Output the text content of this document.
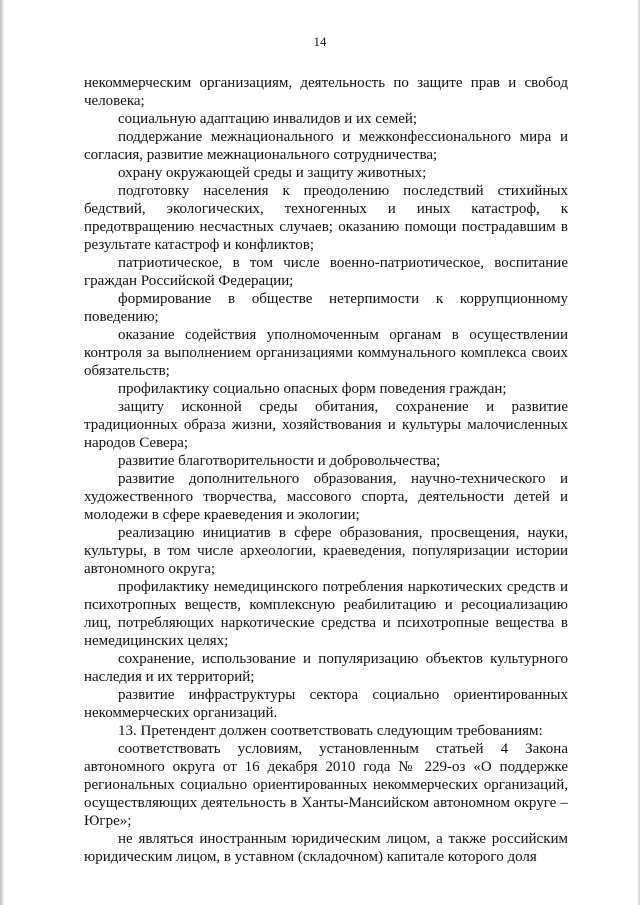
14

некоммерческим организациям, деятельность по защите прав и свобод человека;

социальную адаптацию инвалидов и их семей;

поддержание межнационального и межконфессионального мира и согласия, развитие межнационального сотрудничества;

охрану окружающей среды и защиту животных;

подготовку населения к преодолению последствий стихийных бедствий, экологических, техногенных и иных катастроф, к предотвращению несчастных случаев; оказанию помощи пострадавшим в результате катастроф и конфликтов;

патриотическое, в том числе военно-патриотическое, воспитание граждан Российской Федерации;

формирование в обществе нетерпимости к коррупционному поведению;

оказание содействия уполномоченным органам в осуществлении контроля за выполнением организациями коммунального комплекса своих обязательств;

профилактику социально опасных форм поведения граждан;

защиту исконной среды обитания, сохранение и развитие традиционных образа жизни, хозяйствования и культуры малочисленных народов Севера;

развитие благотворительности и добровольчества;

развитие дополнительного образования, научно-технического и художественного творчества, массового спорта, деятельности детей и молодежи в сфере краеведения и экологии;

реализацию инициатив в сфере образования, просвещения, науки, культуры, в том числе археологии, краеведения, популяризации истории автономного округа;

профилактику немедицинского потребления наркотических средств и психотропных веществ, комплексную реабилитацию и ресоциализацию лиц, потребляющих наркотические средства и психотропные вещества в немедицинских целях;

сохранение, использование и популяризацию объектов культурного наследия и их территорий;

развитие инфраструктуры сектора социально ориентированных некоммерческих организаций.

13. Претендент должен соответствовать следующим требованиям:

соответствовать условиям, установленным статьей 4 Закона автономного округа от 16 декабря 2010 года № 229-оз «О поддержке региональных социально ориентированных некоммерческих организаций, осуществляющих деятельность в Ханты-Мансийском автономном округе – Югре»;

не являться иностранным юридическим лицом, а также российским юридическим лицом, в уставном (складочном) капитале которого доля
